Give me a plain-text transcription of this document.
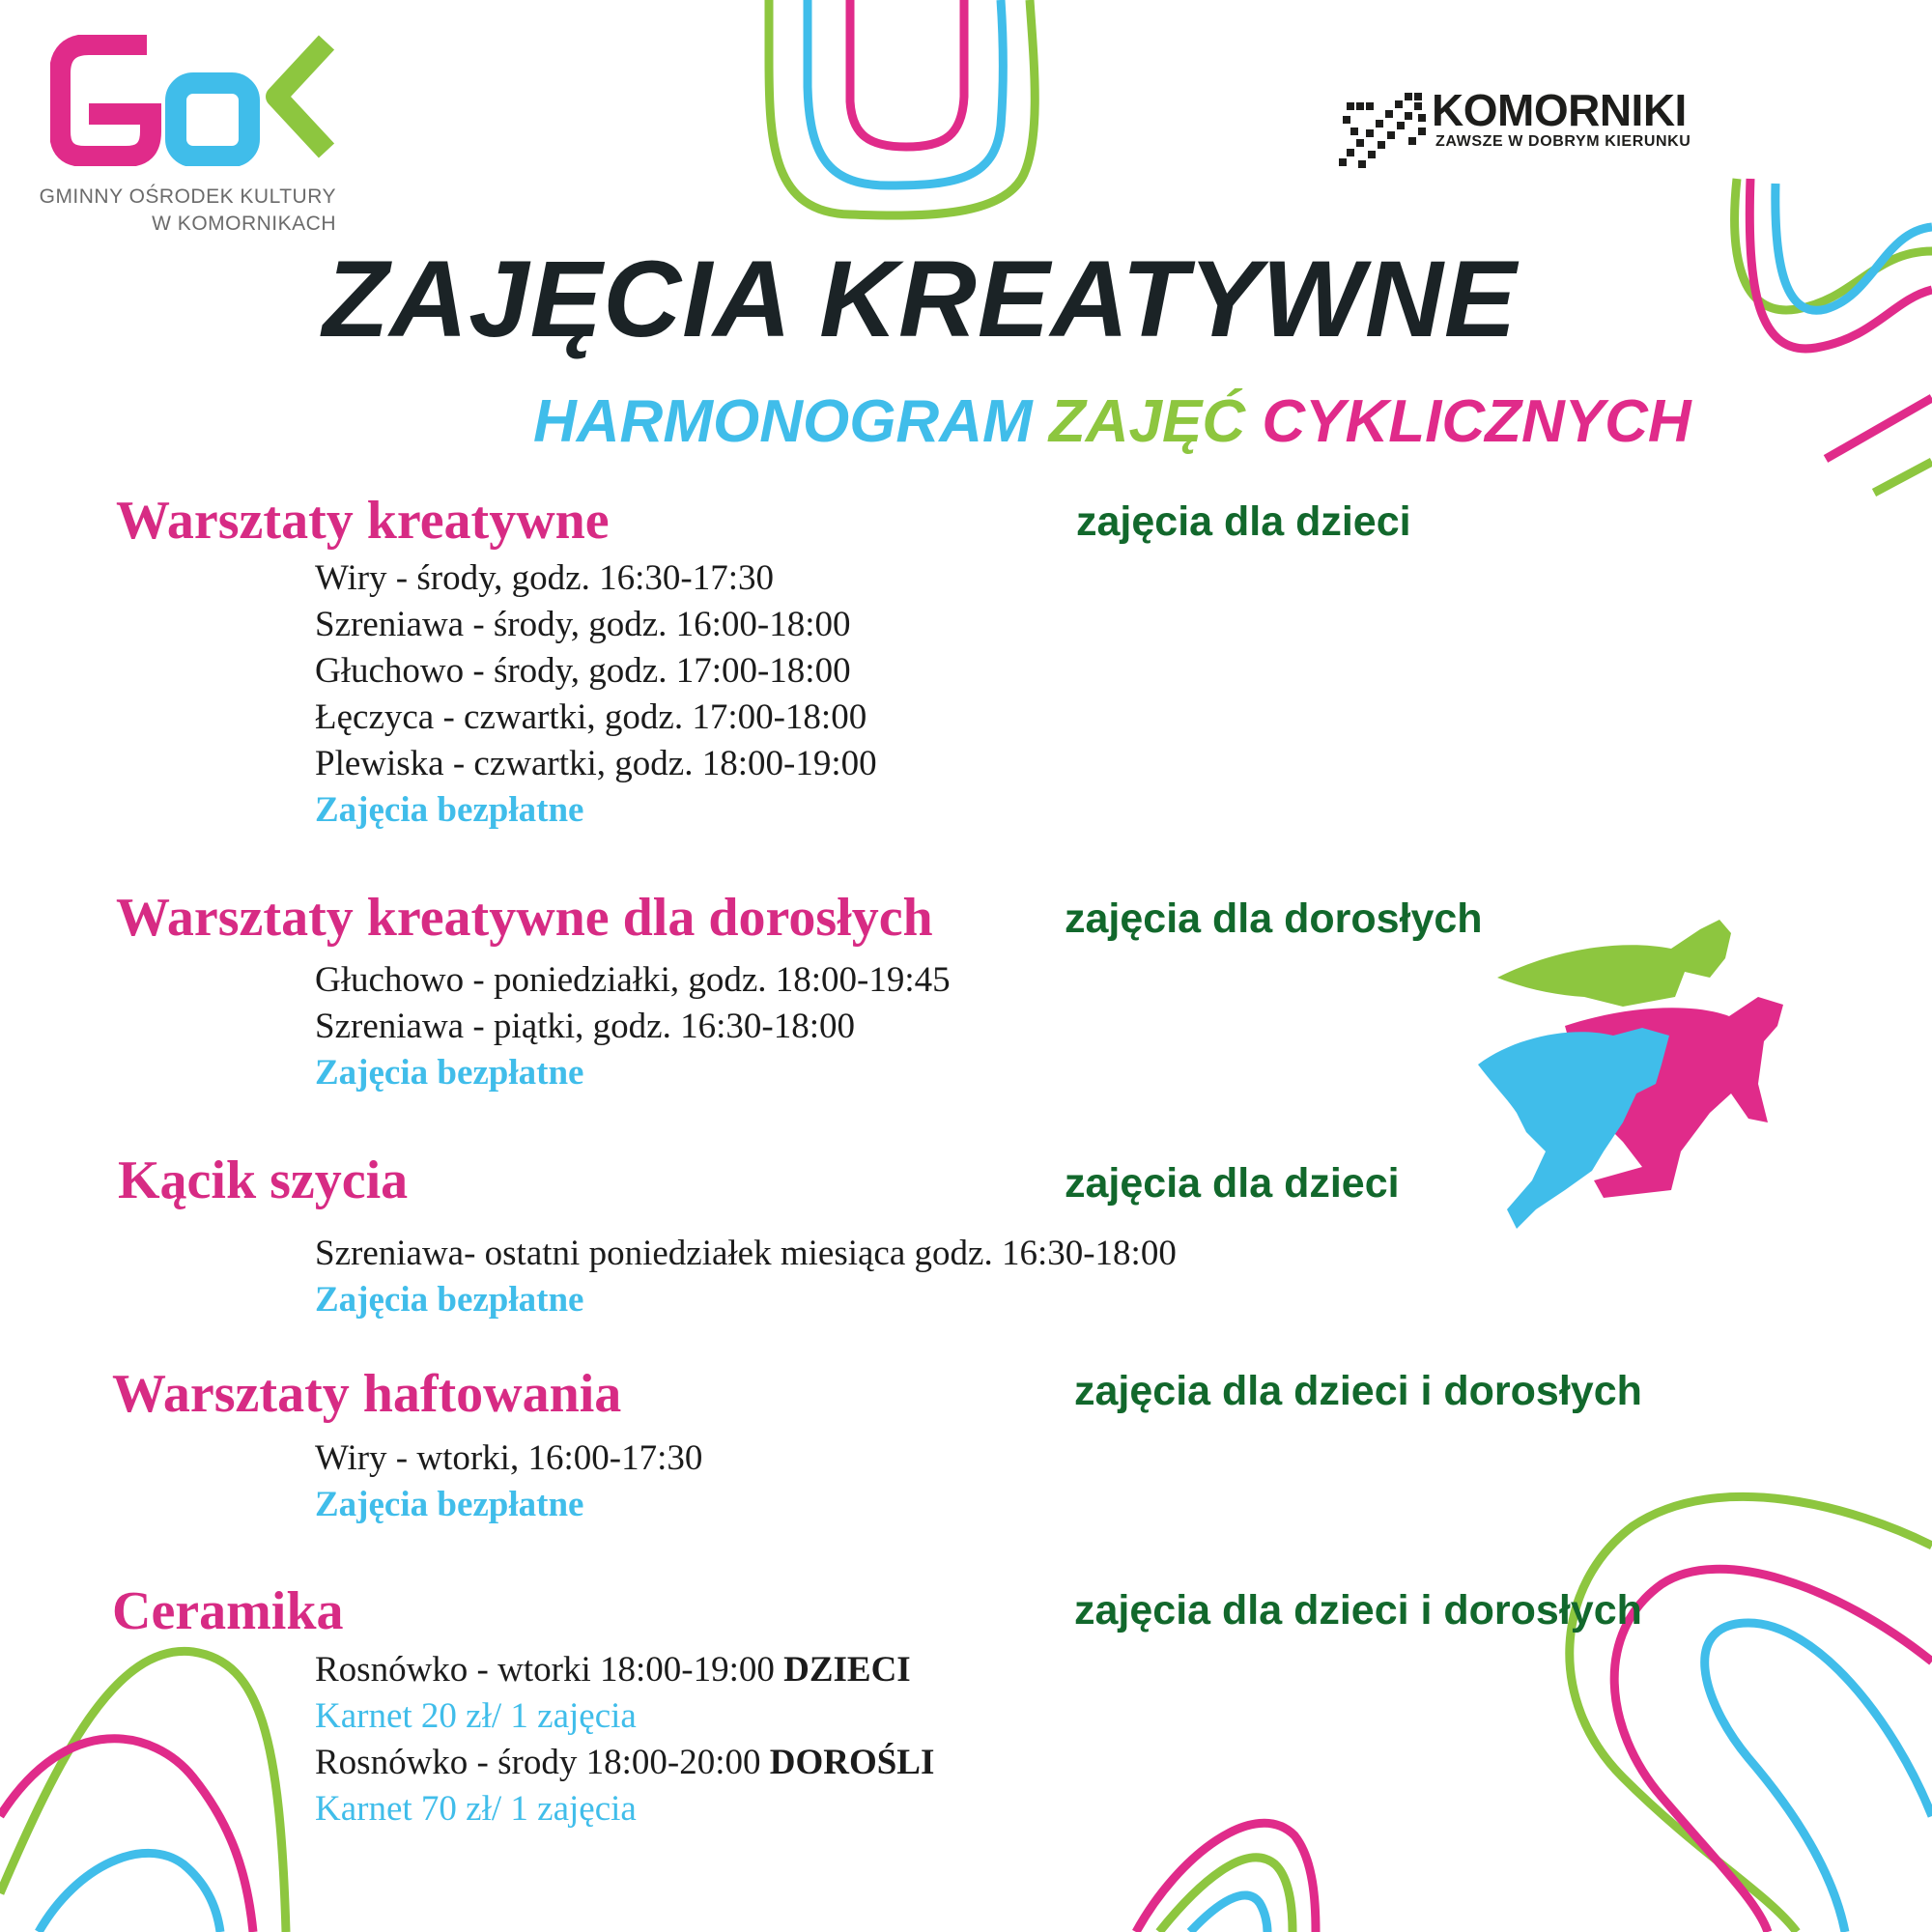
GMINNY OŚRODEK KULTURY
W KOMORNIKACH
KOMORNIKI
ZAWSZE W DOBRYM KIERUNKU
ZAJĘCIA KREATYWNE
HARMONOGRAM ZAJĘĆ CYKLICZNYCH
Warsztaty kreatywne	zajęcia dla dzieci
Wiry - środy, godz. 16:30-17:30
Szreniawa - środy, godz. 16:00-18:00
Głuchowo - środy, godz. 17:00-18:00
Łęczyca - czwartki, godz. 17:00-18:00
Plewiska - czwartki, godz. 18:00-19:00
Zajęcia bezpłatne
Warsztaty kreatywne dla dorosłych	zajęcia dla dorosłych
Głuchowo - poniedziałki, godz. 18:00-19:45
Szreniawa - piątki, godz. 16:30-18:00
Zajęcia bezpłatne
Kącik szycia	zajęcia dla dzieci
Szreniawa- ostatni poniedziałek miesiąca godz. 16:30-18:00
Zajęcia bezpłatne
Warsztaty haftowania	zajęcia dla dzieci i dorosłych
Wiry - wtorki, 16:00-17:30
Zajęcia bezpłatne
Ceramika	zajęcia dla dzieci i dorosłych
Rosnówko - wtorki 18:00-19:00 DZIECI
Karnet 20 zł/ 1 zajęcia
Rosnówko - środy 18:00-20:00 DOROŚLI
Karnet 70 zł/ 1 zajęcia
